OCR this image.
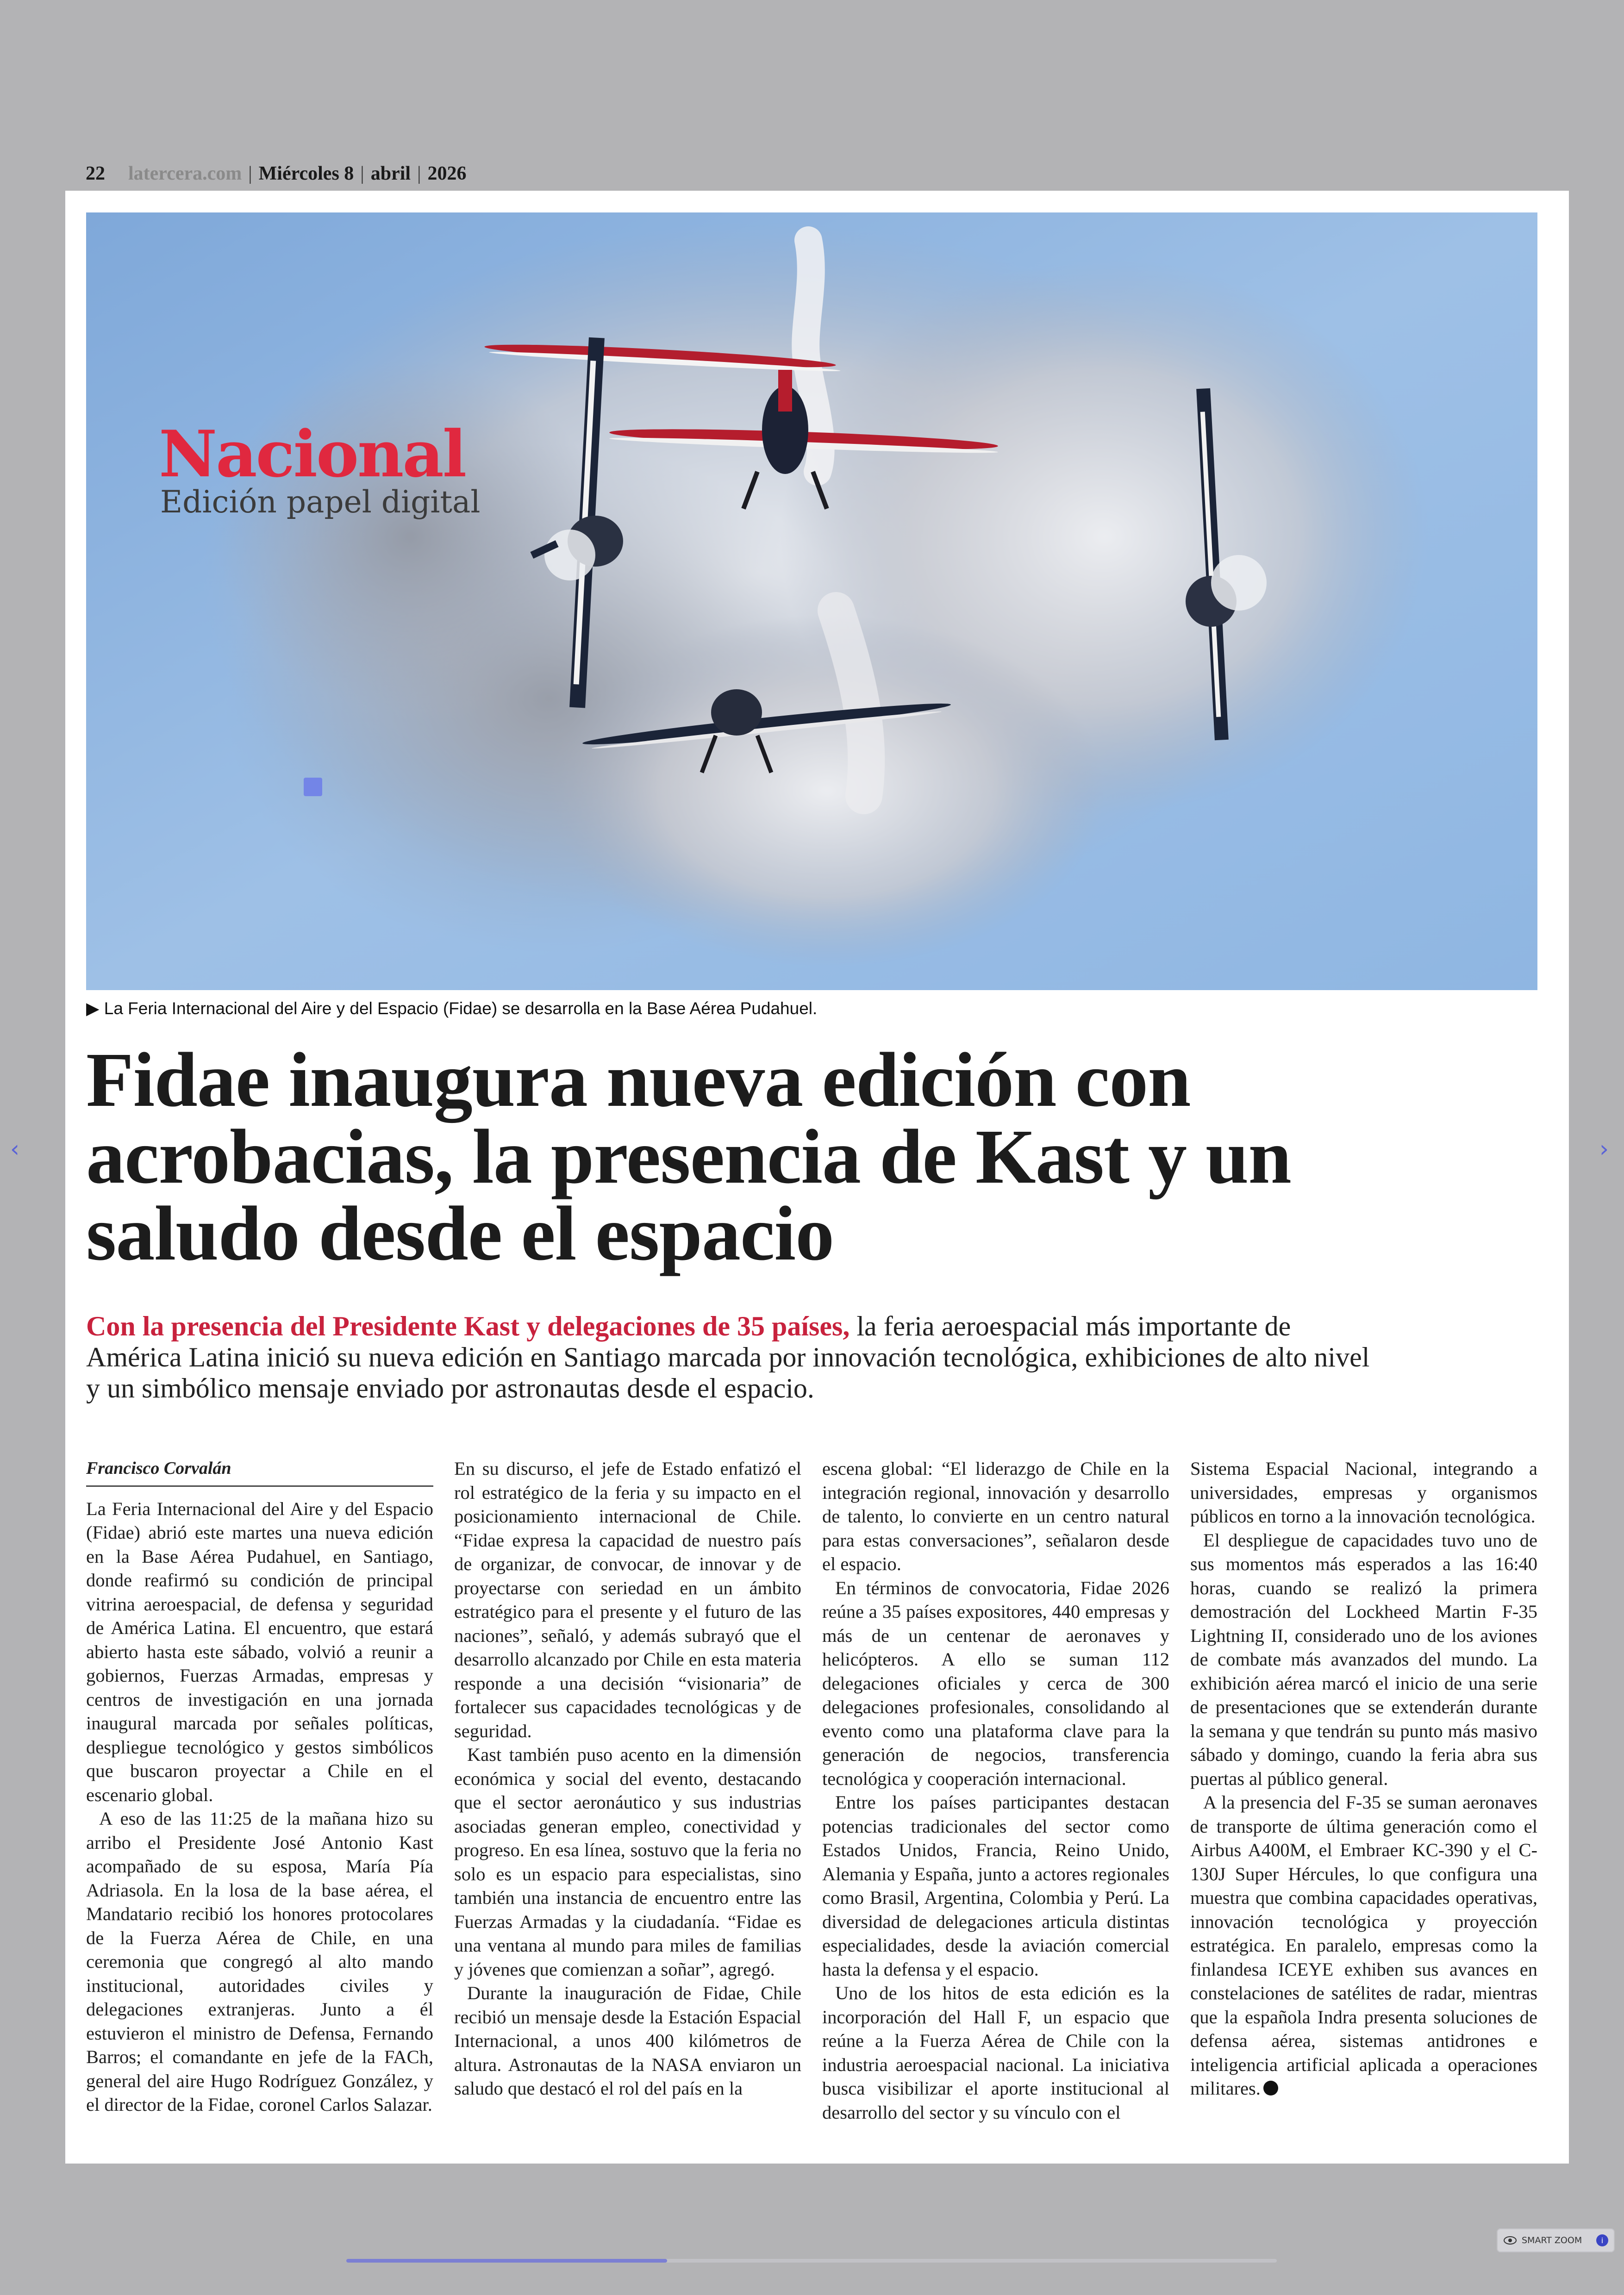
22 latercera.com | Miércoles 8 | abril | 2026
Nacional
Edición papel digital
▶ La Feria Internacional del Aire y del Espacio (Fidae) se desarrolla en la Base Aérea Pudahuel.
Fidae inaugura nueva edición con acrobacias, la presencia de Kast y un saludo desde el espacio
Con la presencia del Presidente Kast y delegaciones de 35 países, la feria aeroespacial más importante de América Latina inició su nueva edición en Santiago marcada por innovación tecnológica, exhibiciones de alto nivel y un simbólico mensaje enviado por astronautas desde el espacio.
Francisco Corvalán

La Feria Internacional del Aire y del Espacio (Fidae) abrió este martes una nueva edición en la Base Aérea Pudahuel, en Santiago, donde reafirmó su condición de principal vitrina aeroespacial, de defensa y seguridad de América Latina. El encuentro, que estará abierto hasta este sábado, volvió a reunir a gobiernos, Fuerzas Armadas, empresas y centros de investigación en una jornada inaugural marcada por señales políticas, despliegue tecnológico y gestos simbólicos que buscaron proyectar a Chile en el escenario global.

A eso de las 11:25 de la mañana hizo su arribo el Presidente José Antonio Kast acompañado de su esposa, María Pía Adriasola. En la losa de la base aérea, el Mandatario recibió los honores protocolares de la Fuerza Aérea de Chile, en una ceremonia que congregó al alto mando institucional, autoridades civiles y delegaciones extranjeras. Junto a él estuvieron el ministro de Defensa, Fernando Barros; el comandante en jefe de la FACh, general del aire Hugo Rodríguez González, y el director de la Fidae, coronel Carlos Salazar.

En su discurso, el jefe de Estado enfatizó el rol estratégico de la feria y su impacto en el posicionamiento internacional de Chile. “Fidae expresa la capacidad de nuestro país de organizar, de convocar, de innovar y de proyectarse con seriedad en un ámbito estratégico para el presente y el futuro de las naciones”, señaló, y además subrayó que el desarrollo alcanzado por Chile en esta materia responde a una decisión “visionaria” de fortalecer sus capacidades tecnológicas y de seguridad.

Kast también puso acento en la dimensión económica y social del evento, destacando que el sector aeronáutico y sus industrias asociadas generan empleo, conectividad y progreso. En esa línea, sostuvo que la feria no solo es un espacio para especialistas, sino también una instancia de encuentro entre las Fuerzas Armadas y la ciudadanía. “Fidae es una ventana al mundo para miles de familias y jóvenes que comienzan a soñar”, agregó.

Durante la inauguración de Fidae, Chile recibió un mensaje desde la Estación Espacial Internacional, a unos 400 kilómetros de altura. Astronautas de la NASA enviaron un saludo que destacó el rol del país en la

escena global: “El liderazgo de Chile en la integración regional, innovación y desarrollo de talento, lo convierte en un centro natural para estas conversaciones”, señalaron desde el espacio.

En términos de convocatoria, Fidae 2026 reúne a 35 países expositores, 440 empresas y más de un centenar de aeronaves y helicópteros. A ello se suman 112 delegaciones oficiales y cerca de 300 delegaciones profesionales, consolidando al evento como una plataforma clave para la generación de negocios, transferencia tecnológica y cooperación internacional.

Entre los países participantes destacan potencias tradicionales del sector como Estados Unidos, Francia, Reino Unido, Alemania y España, junto a actores regionales como Brasil, Argentina, Colombia y Perú. La diversidad de delegaciones articula distintas especialidades, desde la aviación comercial hasta la defensa y el espacio.

Uno de los hitos de esta edición es la incorporación del Hall F, un espacio que reúne a la Fuerza Aérea de Chile con la industria aeroespacial nacional. La iniciativa busca visibilizar el aporte institucional al desarrollo del sector y su vínculo con el

Sistema Espacial Nacional, integrando a universidades, empresas y organismos públicos en torno a la innovación tecnológica.

El despliegue de capacidades tuvo uno de sus momentos más esperados a las 16:40 horas, cuando se realizó la primera demostración del Lockheed Martin F-35 Lightning II, considerado uno de los aviones de combate más avanzados del mundo. La exhibición aérea marcó el inicio de una serie de presentaciones que se extenderán durante la semana y que tendrán su punto más masivo sábado y domingo, cuando la feria abra sus puertas al público general.

A la presencia del F-35 se suman aeronaves de transporte de última generación como el Airbus A400M, el Embraer KC-390 y el C-130J Super Hércules, lo que configura una muestra que combina capacidades operativas, innovación tecnológica y proyección estratégica. En paralelo, empresas como la finlandesa ICEYE exhiben sus avances en constelaciones de satélites de radar, mientras que la española Indra presenta soluciones de defensa aérea, sistemas antidrones e inteligencia artificial aplicada a operaciones militares.

‹	›
SMART ZOOM	i
